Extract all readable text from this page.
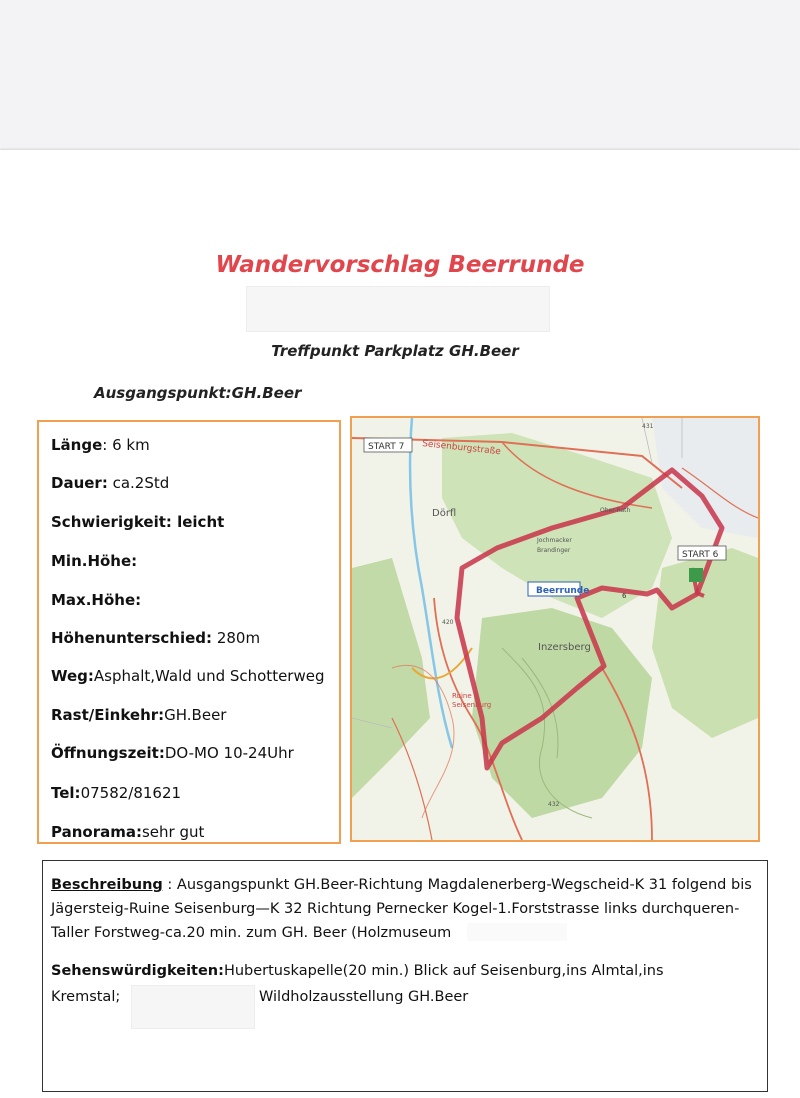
Wandervorschlag Beerrunde
Treffpunkt Parkplatz GH.Beer
Ausgangspunkt:GH.Beer
Länge: 6 km
Dauer: ca.2Std
Schwierigkeit: leicht
Min.Höhe:
Max.Höhe:
Höhenunterschied: 280m
Weg:Asphalt,Wald und Schotterweg
Rast/Einkehr:GH.Beer
Öffnungszeit:DO-MO 10-24Uhr
Tel:07582/81621
Panorama:sehr gut
START 7 Seisenburgstraße
Dörfl	Ober-Rath
Jochmacker
Brandinger
Beerrunde
Inzersberg
START 6
Ruine
Seisenburg
431
432
420
6
Beschreibung : Ausgangspunkt GH.Beer-Richtung Magdalenerberg-Wegscheid-K 31 folgend bis
Jägersteig-Ruine Seisenburg—K 32 Richtung Pernecker Kogel-1.Forststrasse links durchqueren-
Taller Forstweg-ca.20 min. zum GH. Beer (Holzmuseum
Sehenswürdigkeiten:Hubertuskapelle(20 min.) Blick auf Seisenburg,ins Almtal,ins
Kremstal;	Wildholzausstellung GH.Beer
